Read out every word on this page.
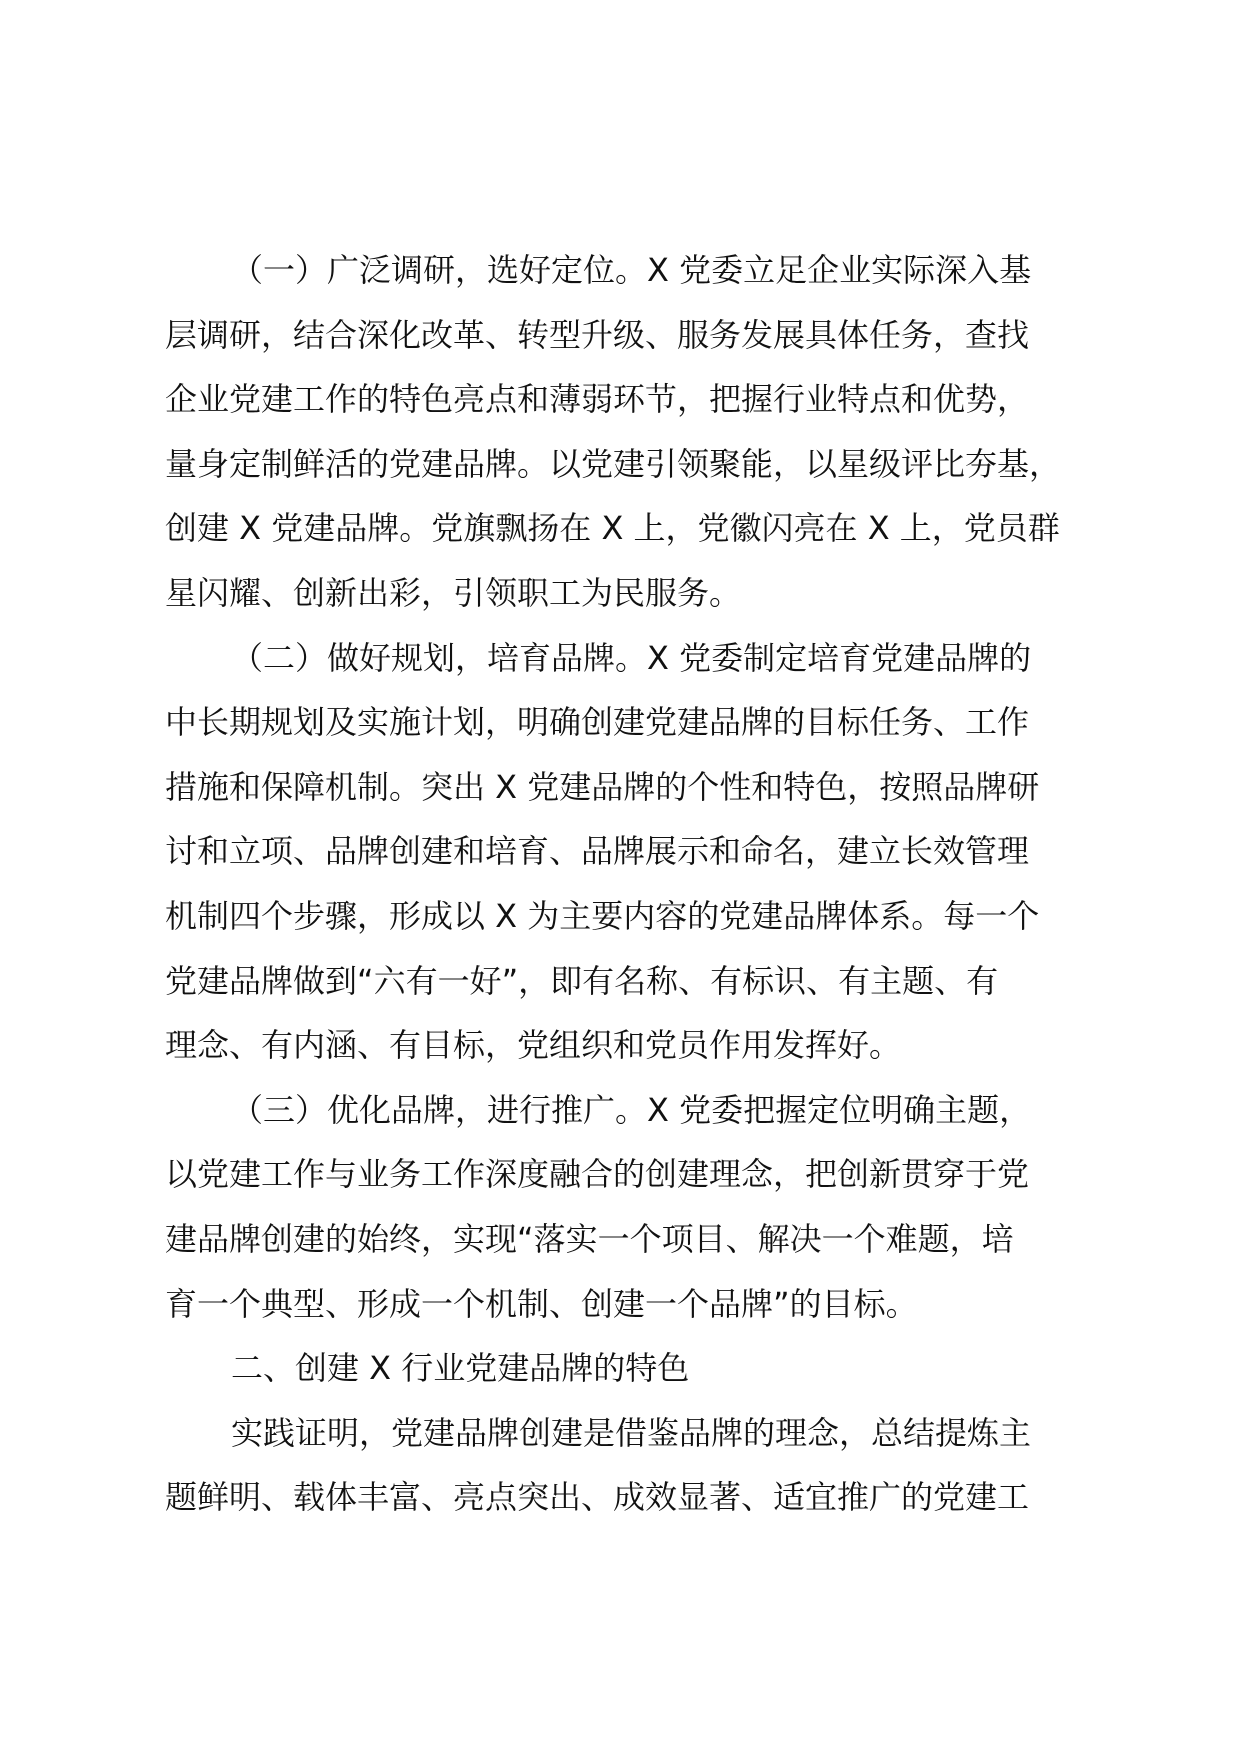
（一）广泛调研，选好定位。X 党委立足企业实际深入基
层调研，结合深化改革、转型升级、服务发展具体任务，查找
企业党建工作的特色亮点和薄弱环节，把握行业特点和优势，
量身定制鲜活的党建品牌。以党建引领聚能，以星级评比夯基，
创建 X 党建品牌。党旗飘扬在 X 上，党徽闪亮在 X 上，党员群
星闪耀、创新出彩，引领职工为民服务。
（二）做好规划，培育品牌。X 党委制定培育党建品牌的
中长期规划及实施计划，明确创建党建品牌的目标任务、工作
措施和保障机制。突出 X 党建品牌的个性和特色，按照品牌研
讨和立项、品牌创建和培育、品牌展示和命名，建立长效管理
机制四个步骤，形成以 X 为主要内容的党建品牌体系。每一个
党建品牌做到“六有一好”，即有名称、有标识、有主题、有
理念、有内涵、有目标，党组织和党员作用发挥好。
（三）优化品牌，进行推广。X 党委把握定位明确主题，
以党建工作与业务工作深度融合的创建理念，把创新贯穿于党
建品牌创建的始终，实现“落实一个项目、解决一个难题，培
育一个典型、形成一个机制、创建一个品牌”的目标。
二、创建 X 行业党建品牌的特色
实践证明，党建品牌创建是借鉴品牌的理念，总结提炼主
题鲜明、载体丰富、亮点突出、成效显著、适宜推广的党建工
